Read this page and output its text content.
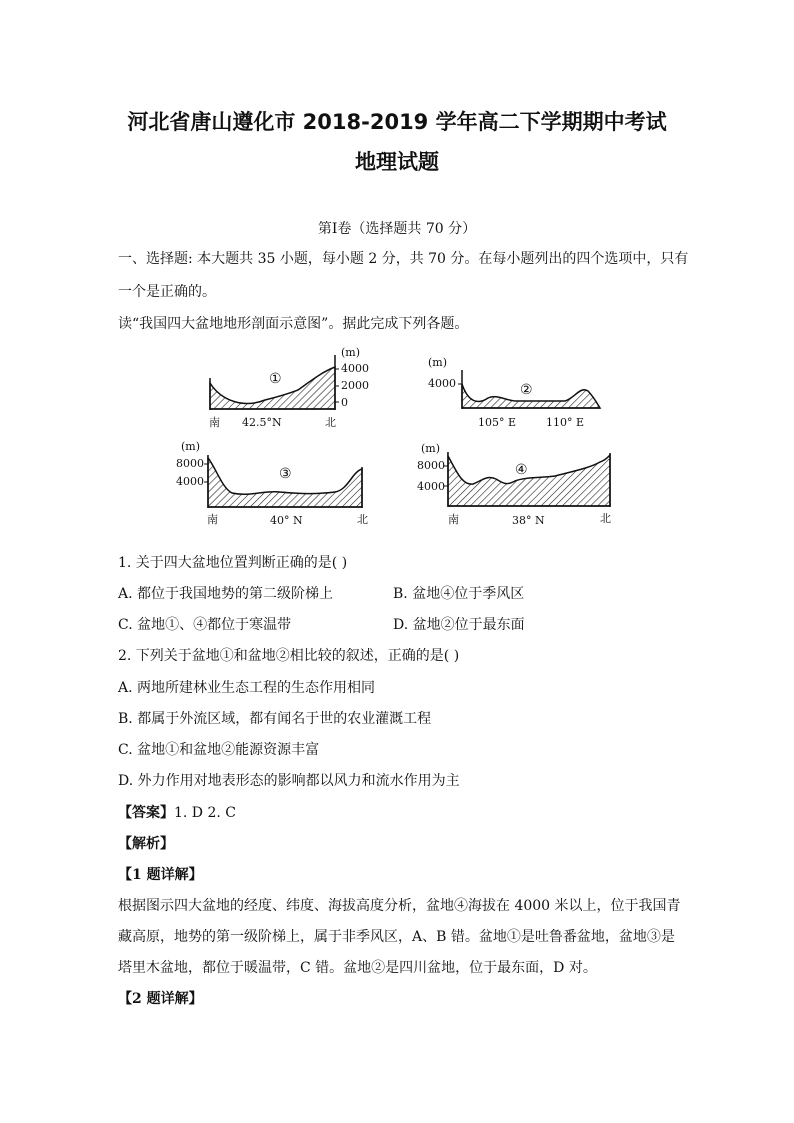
河北省唐山遵化市 2018-2019 学年高二下学期期中考试
地理试题
第Ⅰ卷（选择题共 70 分）
一、选择题: 本大题共 35 小题，每小题 2 分，共 70 分。在每小题列出的四个选项中，只有
一个是正确的。
读“我国四大盆地地形剖面示意图”。据此完成下列各题。
(m)
4000
2000
0
①
南 42.5°N	北
(m)
4000	②
105° E	110° E
(m)
8000
4000	③
南	40° N	北
(m)
8000
4000
④
南	38° N	北
1. 关于四大盆地位置判断正确的是( )
A. 都位于我国地势的第二级阶梯上	B. 盆地④位于季风区
C. 盆地①、④都位于寒温带	D. 盆地②位于最东面
2. 下列关于盆地①和盆地②相比较的叙述，正确的是( )
A. 两地所建林业生态工程的生态作用相同
B. 都属于外流区域，都有闻名于世的农业灌溉工程
C. 盆地①和盆地②能源资源丰富
D. 外力作用对地表形态的影响都以风力和流水作用为主
【答案】1. D 2. C
【解析】
【1 题详解】
根据图示四大盆地的经度、纬度、海拔高度分析，盆地④海拔在 4000 米以上，位于我国青
藏高原，地势的第一级阶梯上，属于非季风区，A、B 错。盆地①是吐鲁番盆地，盆地③是
塔里木盆地，都位于暖温带，C 错。盆地②是四川盆地，位于最东面，D 对。
【2 题详解】
